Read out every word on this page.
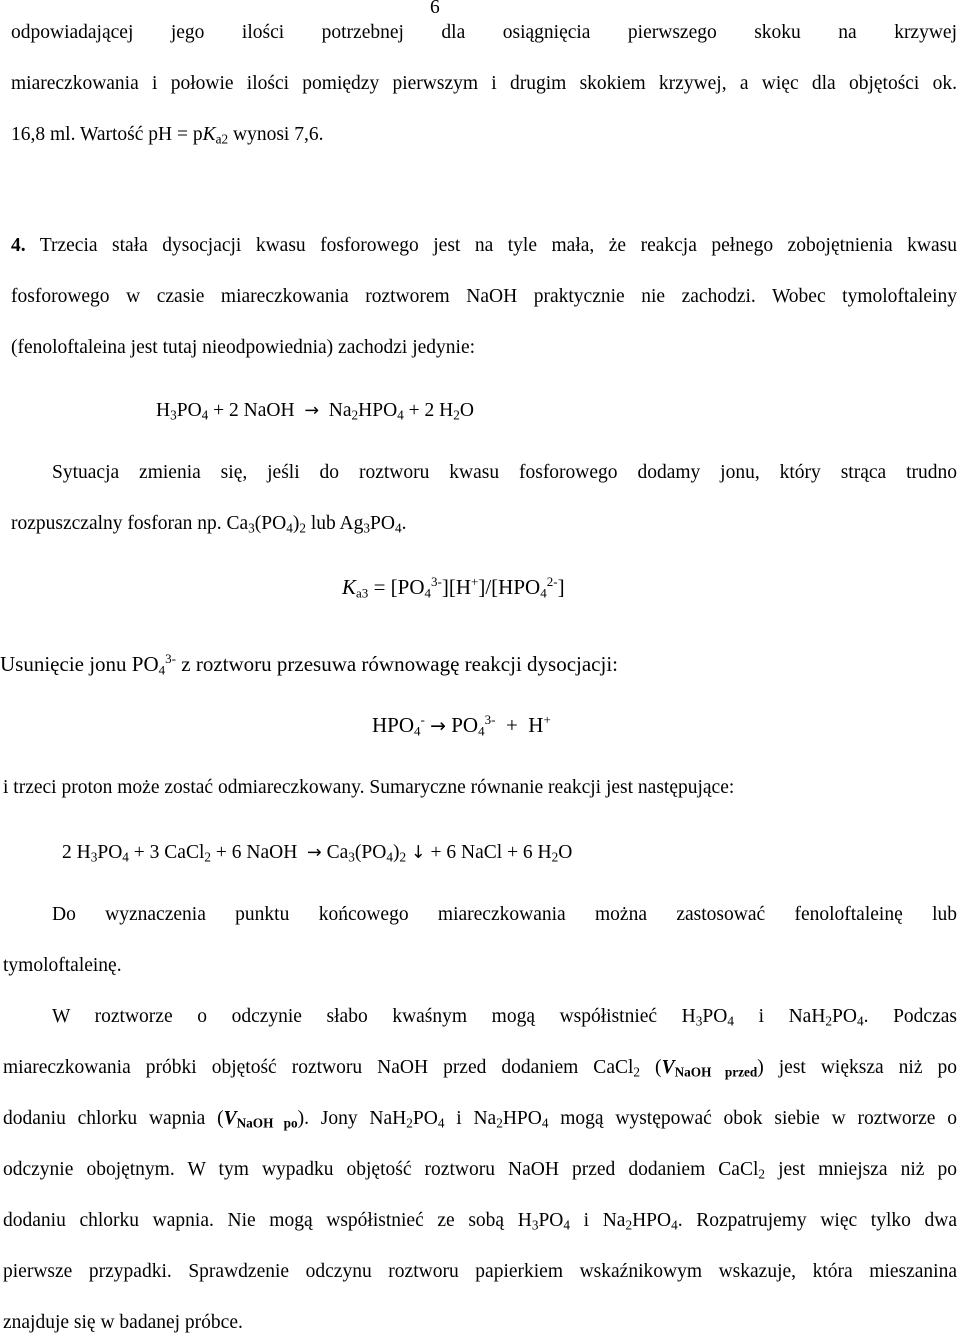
6
odpowiadającej jego ilości potrzebnej dla osiągnięcia pierwszego skoku na krzywej
miareczkowania i połowie ilości pomiędzy pierwszym i drugim skokiem krzywej, a więc dla objętości ok.
16,8 ml. Wartość pH = $pK_{a2}$ wynosi 7,6.
4. Trzecia stała dysocjacji kwasu fosforowego jest na tyle mała, że reakcja pełnego zobojętnienia kwasu
fosforowego w czasie miareczkowania roztworem NaOH praktycznie nie zachodzi. Wobec tymoloftaleiny
(fenoloftaleina jest tutaj nieodpowiednia) zachodzi jedynie:
$H_3PO_4 + 2$ NaOH  →  $Na_2HPO_4 + 2$ $H_2O$
Sytuacja zmienia się, jeśli do roztworu kwasu fosforowego dodamy jonu, który strąca trudno
rozpuszczalny fosforan np. $Ca_3(PO_4)_2$ lub $Ag_3PO_4$.
$K_{a3} = [PO_4^{3-}][H^+]/[HPO_4^{2-}]$
Usunięcie jonu $PO_4^{3-}$ z roztworu przesuwa równowagę reakcji dysocjacji:
$HPO_4^- \to PO_4^{3-} + H^+$
i trzeci proton może zostać odmiareczkowany. Sumaryczne równanie reakcji jest następujące:
2 $H_3PO_4 + 3$ CaCl$_2$ + 6 NaOH  → $Ca_3(PO_4)_2$ ↓ + 6 NaCl + 6 $H_2O$
Do wyznaczenia punktu końcowego miareczkowania można zastosować fenoloftaleinę lub
tymoloftaleinę.
W roztworze o odczynie słabo kwaśnym mogą współistnieć $H_3PO_4$ i $NaH_2PO_4$. Podczas
miareczkowania próbki objętość roztworu NaOH przed dodaniem CaCl$_2$ $(V_{NaOH przed})$ jest większa niż po
dodaniu chlorku wapnia $(V_{NaOH po})$. Jony $NaH_2PO_4$ i $Na_2HPO_4$ mogą występować obok siebie w roztworze o
odczynie obojętnym. W tym wypadku objętość roztworu NaOH przed dodaniem CaCl$_2$ jest mniejsza niż po
dodaniu chlorku wapnia. Nie mogą współistnieć ze sobą $H_3PO_4$ i $Na_2HPO_4$. Rozpatrujemy więc tylko dwa
pierwsze przypadki. Sprawdzenie odczynu roztworu papierkiem wskaźnikowym wskazuje, która mieszanina
znajduje się w badanej próbce.
